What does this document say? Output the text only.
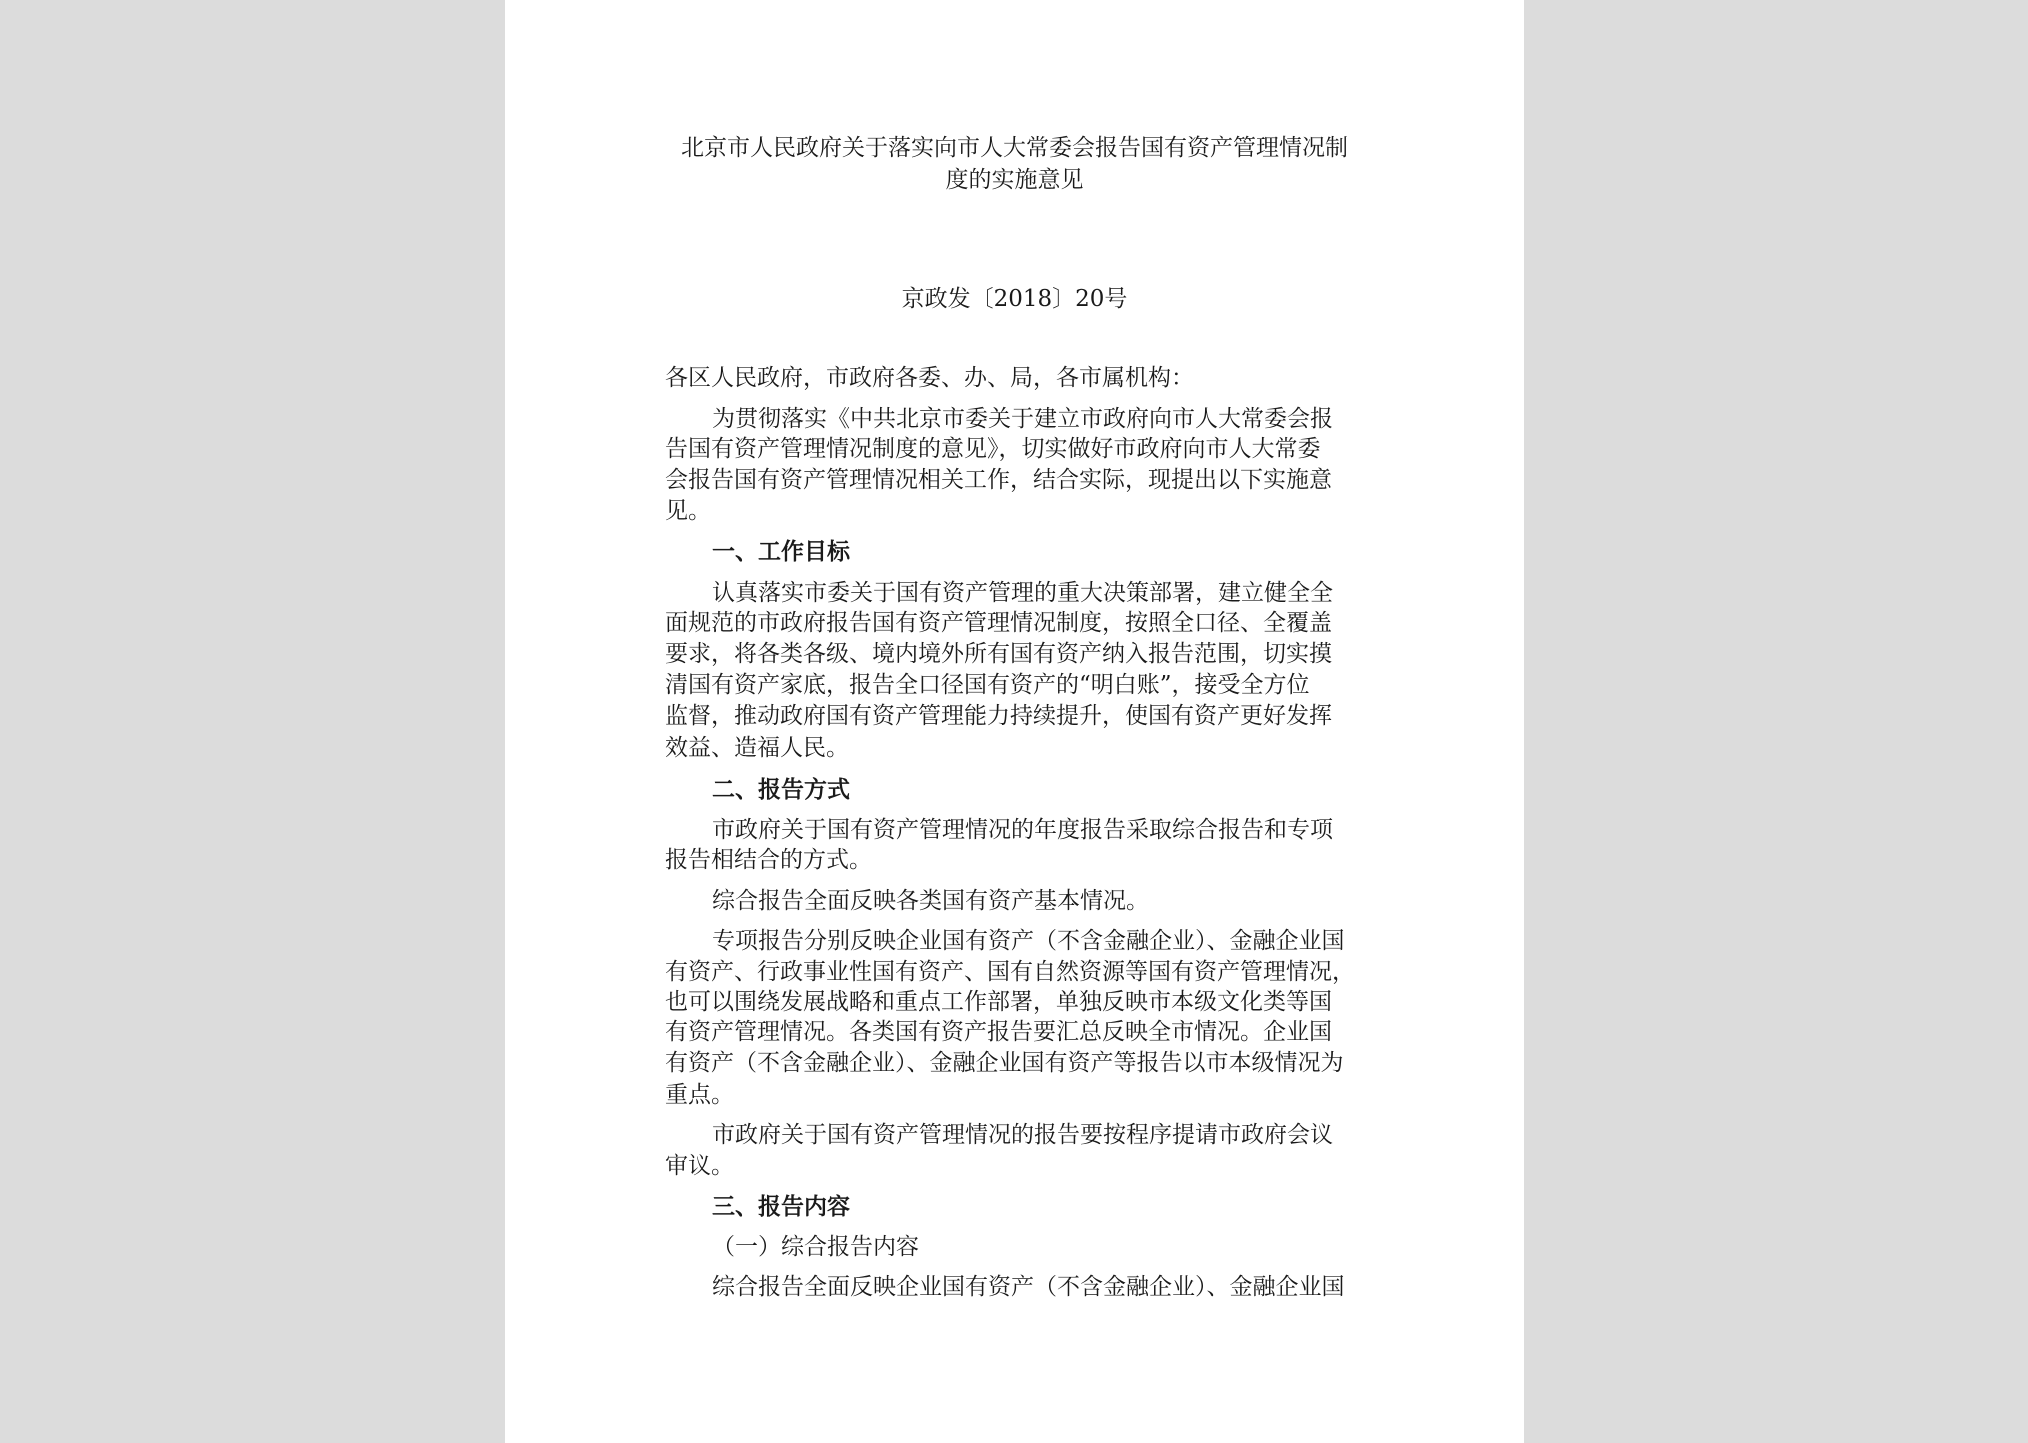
北京市人民政府关于落实向市人大常委会报告国有资产管理情况制
度的实施意见
京政发〔2018〕20号
各区人民政府，市政府各委、办、局，各市属机构：
为贯彻落实《中共北京市委关于建立市政府向市人大常委会报
告国有资产管理情况制度的意见》，切实做好市政府向市人大常委
会报告国有资产管理情况相关工作，结合实际，现提出以下实施意
见。
一、工作目标
认真落实市委关于国有资产管理的重大决策部署，建立健全全
面规范的市政府报告国有资产管理情况制度，按照全口径、全覆盖
要求，将各类各级、境内境外所有国有资产纳入报告范围，切实摸
清国有资产家底，报告全口径国有资产的“明白账”，接受全方位
监督，推动政府国有资产管理能力持续提升，使国有资产更好发挥
效益、造福人民。
二、报告方式
市政府关于国有资产管理情况的年度报告采取综合报告和专项
报告相结合的方式。
综合报告全面反映各类国有资产基本情况。
专项报告分别反映企业国有资产（不含金融企业）、金融企业国
有资产、行政事业性国有资产、国有自然资源等国有资产管理情况，
也可以围绕发展战略和重点工作部署，单独反映市本级文化类等国
有资产管理情况。各类国有资产报告要汇总反映全市情况。企业国
有资产（不含金融企业）、金融企业国有资产等报告以市本级情况为
重点。
市政府关于国有资产管理情况的报告要按程序提请市政府会议
审议。
三、报告内容
（一）综合报告内容
综合报告全面反映企业国有资产（不含金融企业）、金融企业国
